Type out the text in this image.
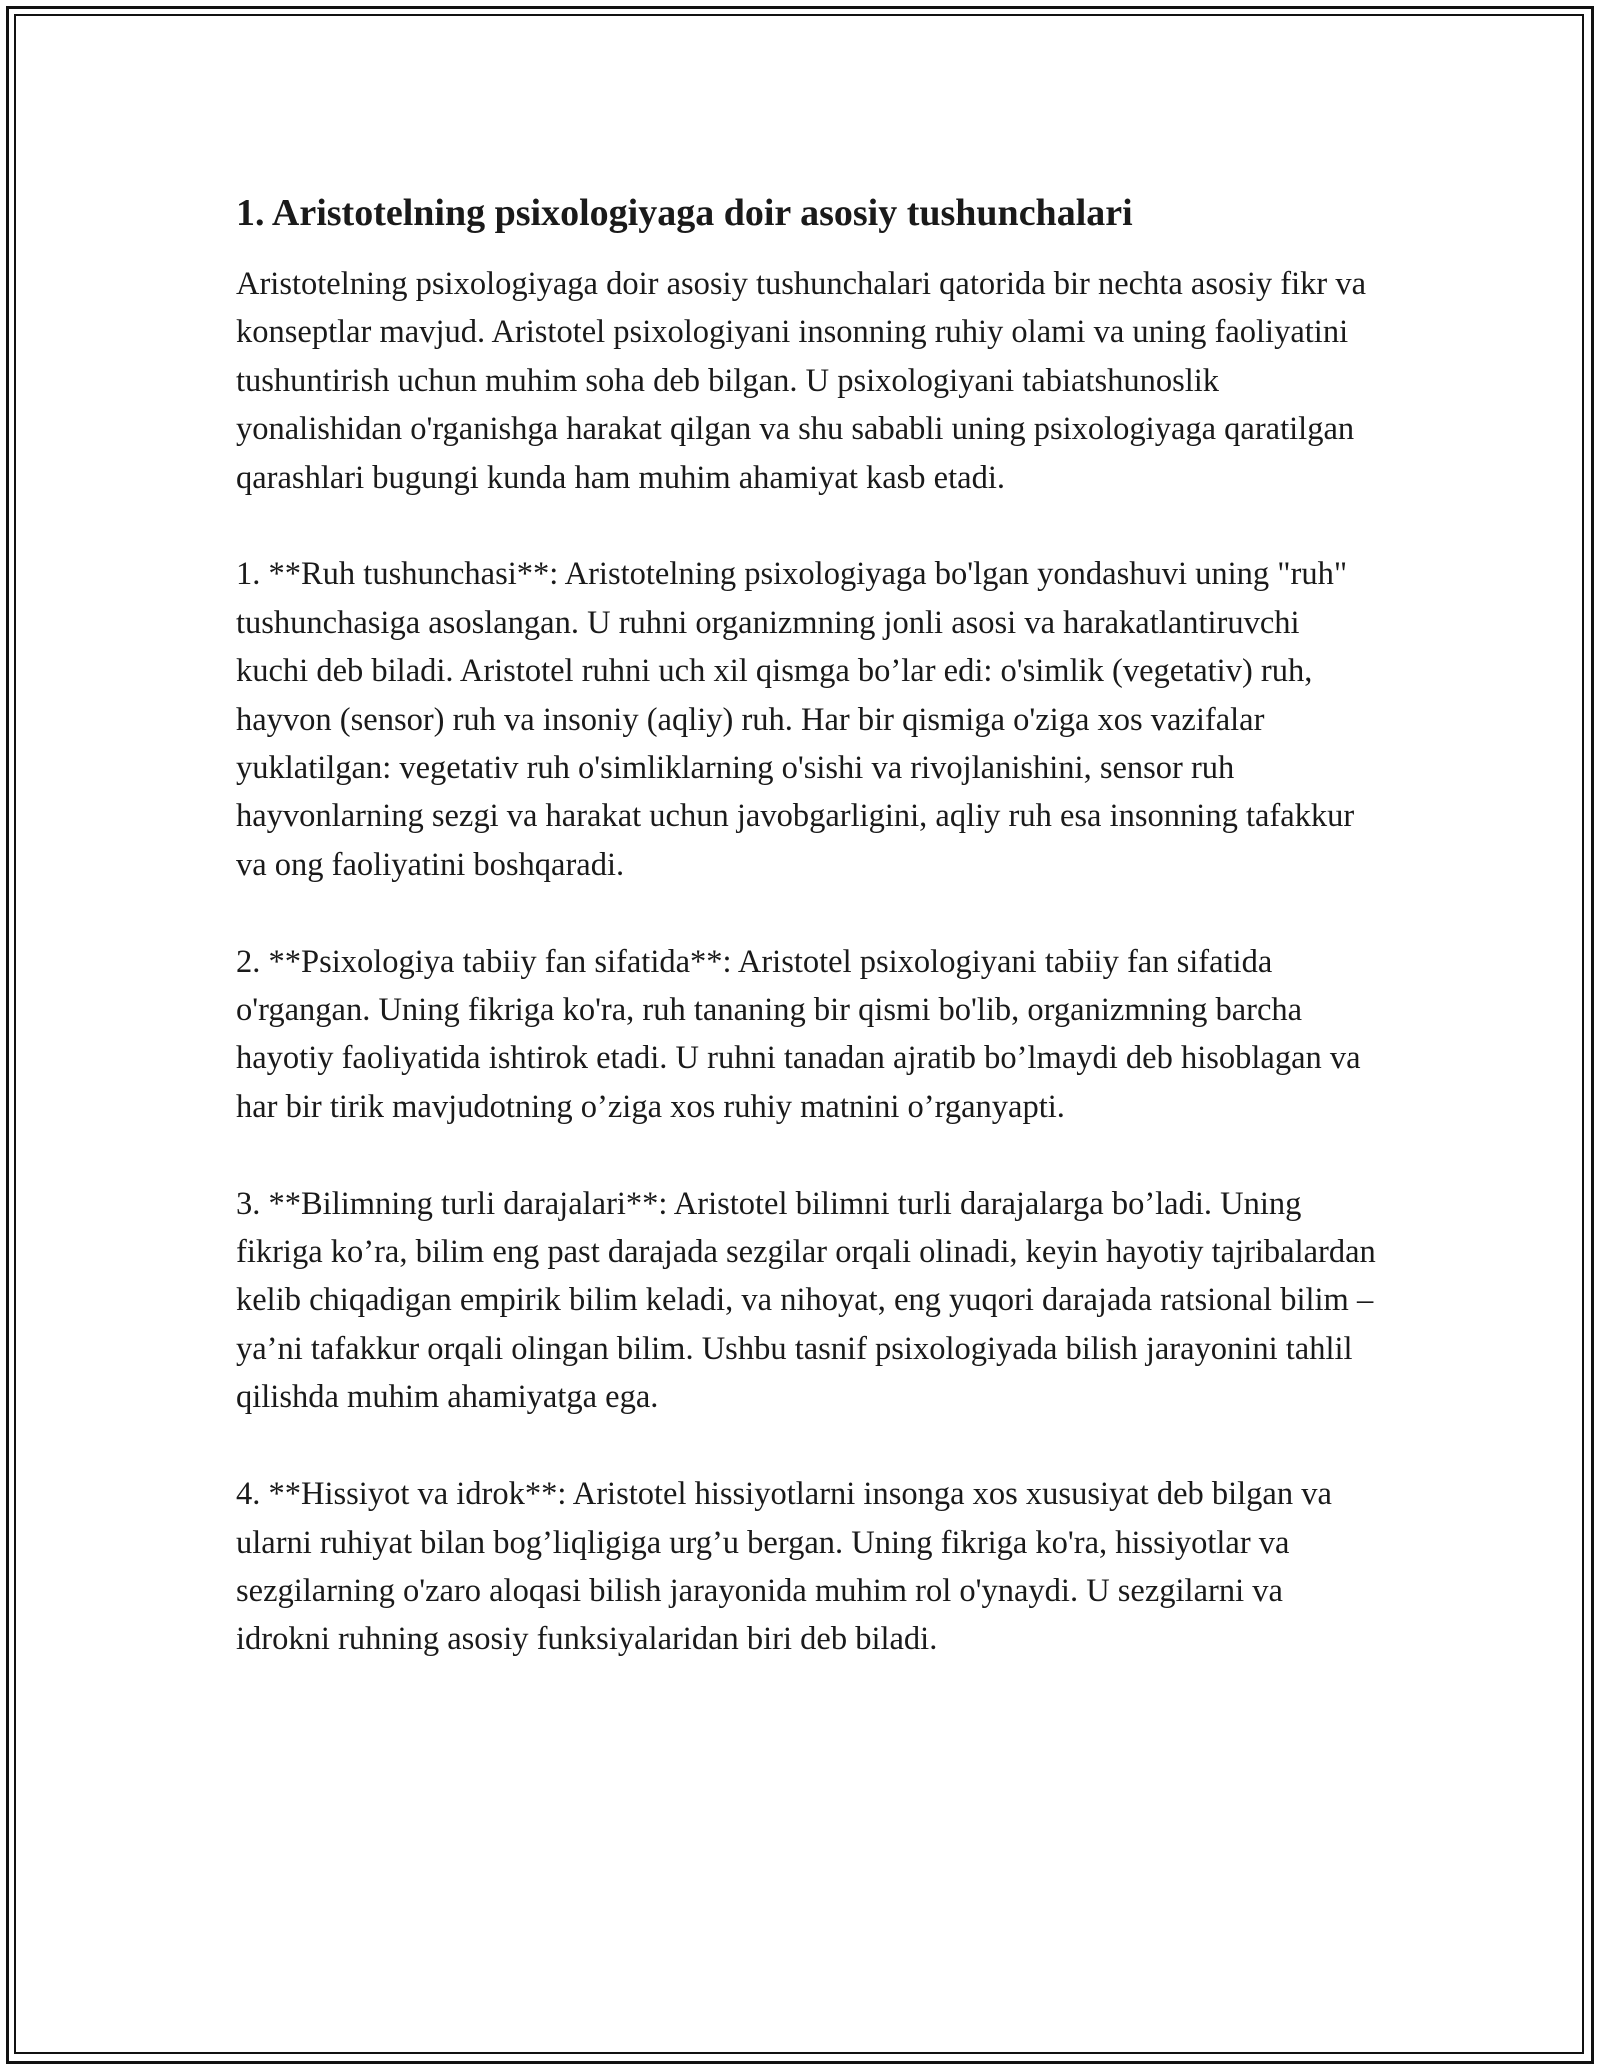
1. Aristotelning psixologiyaga doir asosiy tushunchalari

Aristotelning psixologiyaga doir asosiy tushunchalari qatorida bir nechta asosiy fikr va konseptlar mavjud. Aristotel psixologiyani insonning ruhiy olami va uning faoliyatini tushuntirish uchun muhim soha deb bilgan. U psixologiyani tabiatshunoslik yonalishidan o'rganishga harakat qilgan va shu sababli uning psixologiyaga qaratilgan qarashlari bugungi kunda ham muhim ahamiyat kasb etadi.

1. **Ruh tushunchasi**: Aristotelning psixologiyaga bo'lgan yondashuvi uning "ruh" tushunchasiga asoslangan. U ruhni organizmning jonli asosi va harakatlantiruvchi kuchi deb biladi. Aristotel ruhni uch xil qismga bo’lar edi: o'simlik (vegetativ) ruh, hayvon (sensor) ruh va insoniy (aqliy) ruh. Har bir qismiga o'ziga xos vazifalar yuklatilgan: vegetativ ruh o'simliklarning o'sishi va rivojlanishini, sensor ruh hayvonlarning sezgi va harakat uchun javobgarligini, aqliy ruh esa insonning tafakkur va ong faoliyatini boshqaradi.

2. **Psixologiya tabiiy fan sifatida**: Aristotel psixologiyani tabiiy fan sifatida o'rgangan. Uning fikriga ko'ra, ruh tananing bir qismi bo'lib, organizmning barcha hayotiy faoliyatida ishtirok etadi. U ruhni tanadan ajratib bo’lmaydi deb hisoblagan va har bir tirik mavjudotning o’ziga xos ruhiy matnini o’rganyapti.

3. **Bilimning turli darajalari**: Aristotel bilimni turli darajalarga bo’ladi. Uning fikriga ko’ra, bilim eng past darajada sezgilar orqali olinadi, keyin hayotiy tajribalardan kelib chiqadigan empirik bilim keladi, va nihoyat, eng yuqori darajada ratsional bilim – ya’ni tafakkur orqali olingan bilim. Ushbu tasnif psixologiyada bilish jarayonini tahlil qilishda muhim ahamiyatga ega.

4. **Hissiyot va idrok**: Aristotel hissiyotlarni insonga xos xususiyat deb bilgan va ularni ruhiyat bilan bog’liqligiga urg’u bergan. Uning fikriga ko'ra, hissiyotlar va sezgilarning o'zaro aloqasi bilish jarayonida muhim rol o'ynaydi. U sezgilarni va idrokni ruhning asosiy funksiyalaridan biri deb biladi.
